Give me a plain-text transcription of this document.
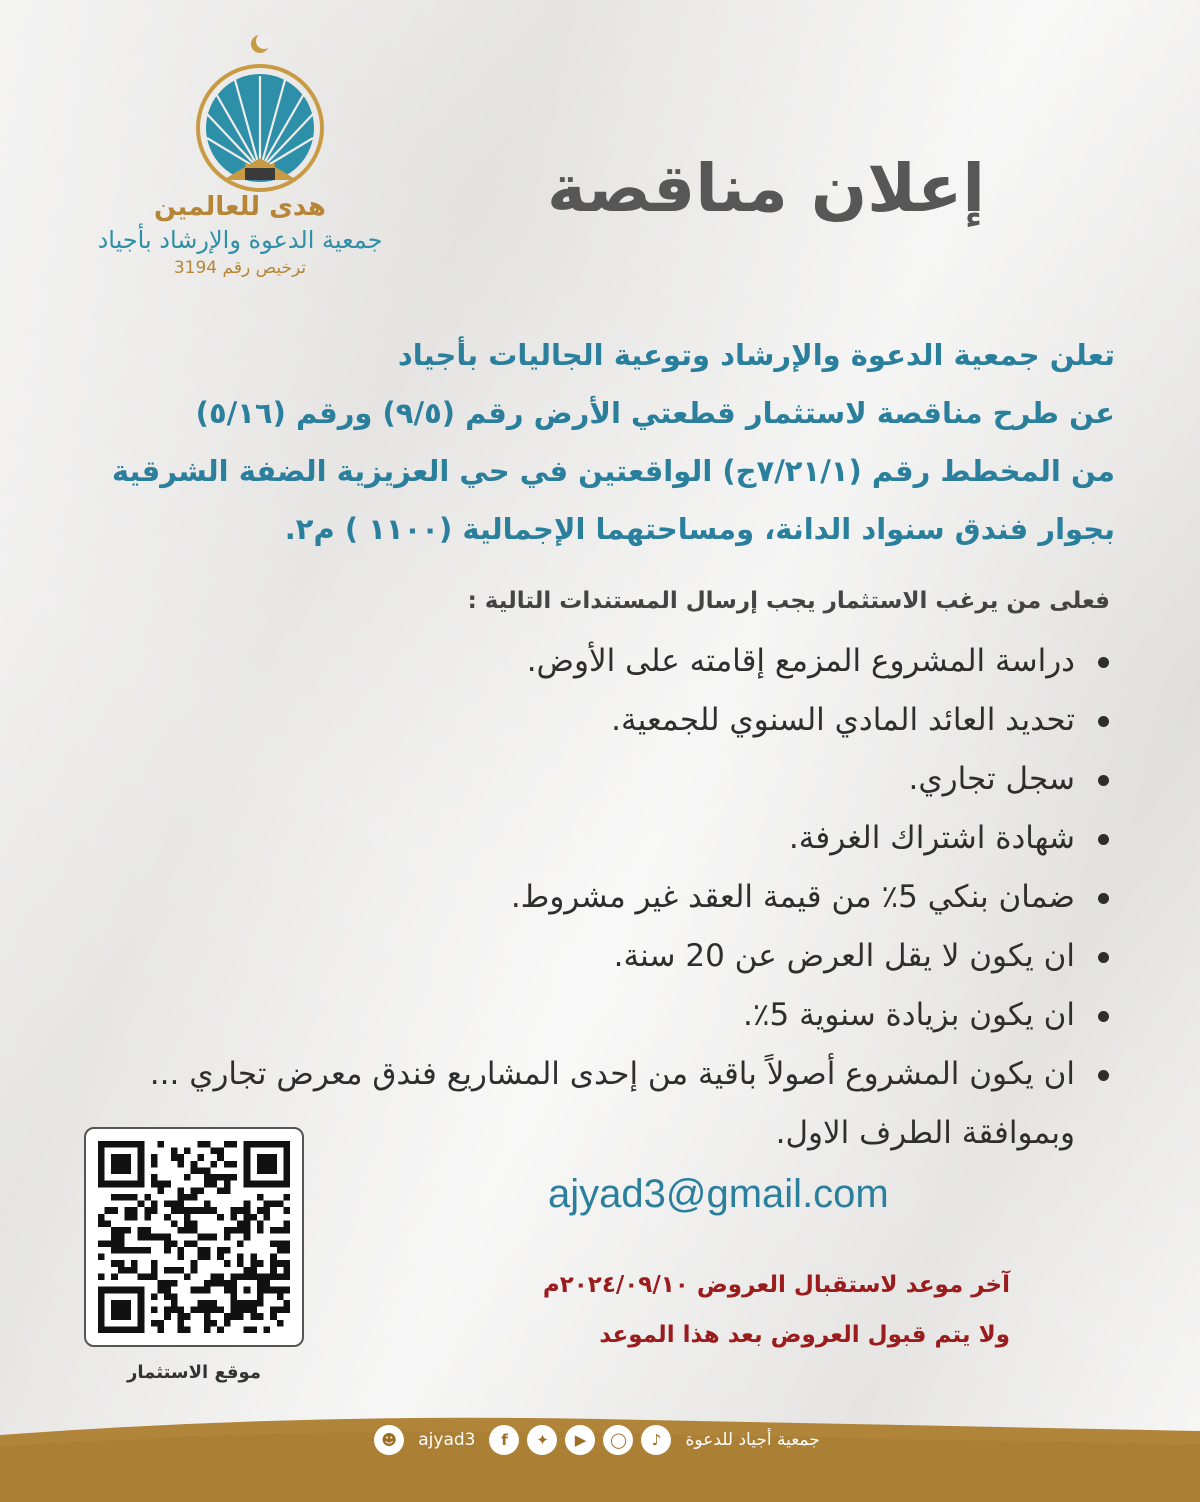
هدى للعالمين
جمعية الدعوة والإرشاد بأجياد
ترخيص رقم 3194
إعلان مناقصة
تعلن جمعية الدعوة والإرشاد وتوعية الجاليات بأجياد
عن طرح مناقصة لاستثمار قطعتي الأرض رقم (٩/٥) ورقم (٥/١٦)
من المخطط رقم (٧/٢١/١ج) الواقعتين في حي العزيزية الضفة الشرقية
بجوار فندق سنواد الدانة، ومساحتهما الإجمالية (١١٠٠ ) م٢.
فعلى من يرغب الاستثمار يجب إرسال المستندات التالية :
دراسة المشروع المزمع إقامته على الأوض.
تحديد العائد المادي السنوي للجمعية.
سجل تجاري.
شهادة اشتراك الغرفة.
ضمان بنكي 5٪ من قيمة العقد غير مشروط.
ان يكون لا يقل العرض عن 20 سنة.
ان يكون بزيادة سنوية 5٪.
ان يكون المشروع أصولاً باقية من إحدى المشاريع فندق معرض تجاري ...
وبموافقة الطرف الاول.
ajyad3@gmail.com
آخر موعد لاستقبال العروض ٢٠٢٤/٠٩/١٠م
ولا يتم قبول العروض بعد هذا الموعد
موقع الاستثمار
☻	ajyad3	f	✦	▶	◯	♪	جمعية أجياد للدعوة
